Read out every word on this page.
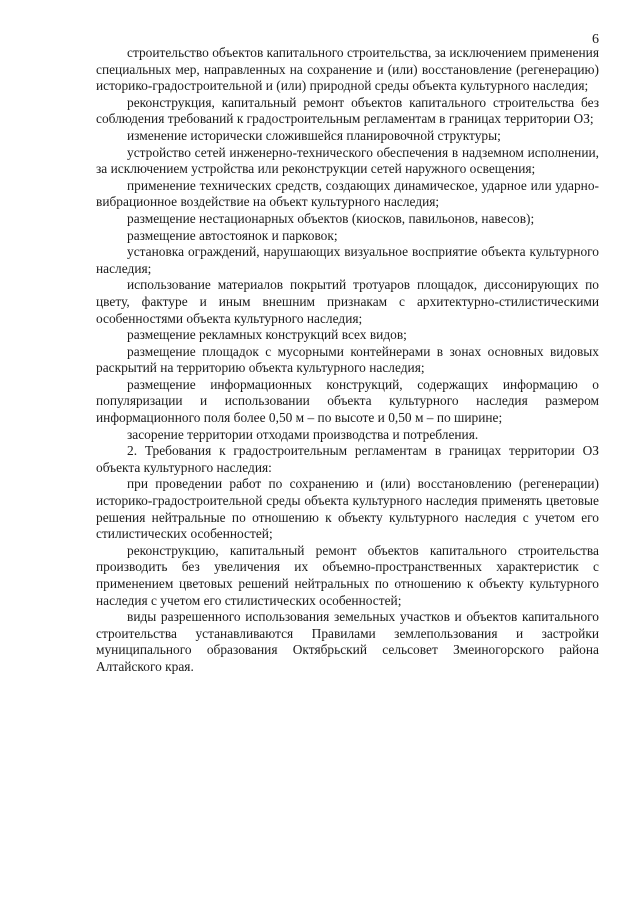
6

строительство объектов капитального строительства, за исключением применения специальных мер, направленных на сохранение и (или) восстановление (регенерацию) историко-градостроительной и (или) природной среды объекта культурного наследия;

реконструкция, капитальный ремонт объектов капитального строительства без соблюдения требований к градостроительным регламентам в границах территории ОЗ;

изменение исторически сложившейся планировочной структуры;

устройство сетей инженерно-технического обеспечения в надземном исполнении, за исключением устройства или реконструкции сетей наружного освещения;

применение технических средств, создающих динамическое, ударное или ударно-вибрационное воздействие на объект культурного наследия;

размещение нестационарных объектов (киосков, павильонов, навесов);

размещение автостоянок и парковок;

установка ограждений, нарушающих визуальное восприятие объекта культурного наследия;

использование материалов покрытий тротуаров площадок, диссонирующих по цвету, фактуре и иным внешним признакам с архитектурно-стилистическими особенностями объекта культурного наследия;

размещение рекламных конструкций всех видов;

размещение площадок с мусорными контейнерами в зонах основных видовых раскрытий на территорию объекта культурного наследия;

размещение информационных конструкций, содержащих информацию о популяризации и использовании объекта культурного наследия размером информационного поля более 0,50 м – по высоте и 0,50 м – по ширине;

засорение территории отходами производства и потребления.

2. Требования к градостроительным регламентам в границах территории ОЗ объекта культурного наследия:

при проведении работ по сохранению и (или) восстановлению (регенерации) историко-градостроительной среды объекта культурного наследия применять цветовые решения нейтральные по отношению к объекту культурного наследия с учетом его стилистических особенностей;

реконструкцию, капитальный ремонт объектов капитального строительства производить без увеличения их объемно-пространственных характеристик с применением цветовых решений нейтральных по отношению к объекту культурного наследия с учетом его стилистических особенностей;

виды разрешенного использования земельных участков и объектов капитального строительства устанавливаются Правилами землепользования и застройки муниципального образования Октябрьский сельсовет Змеиногорского района Алтайского края.
